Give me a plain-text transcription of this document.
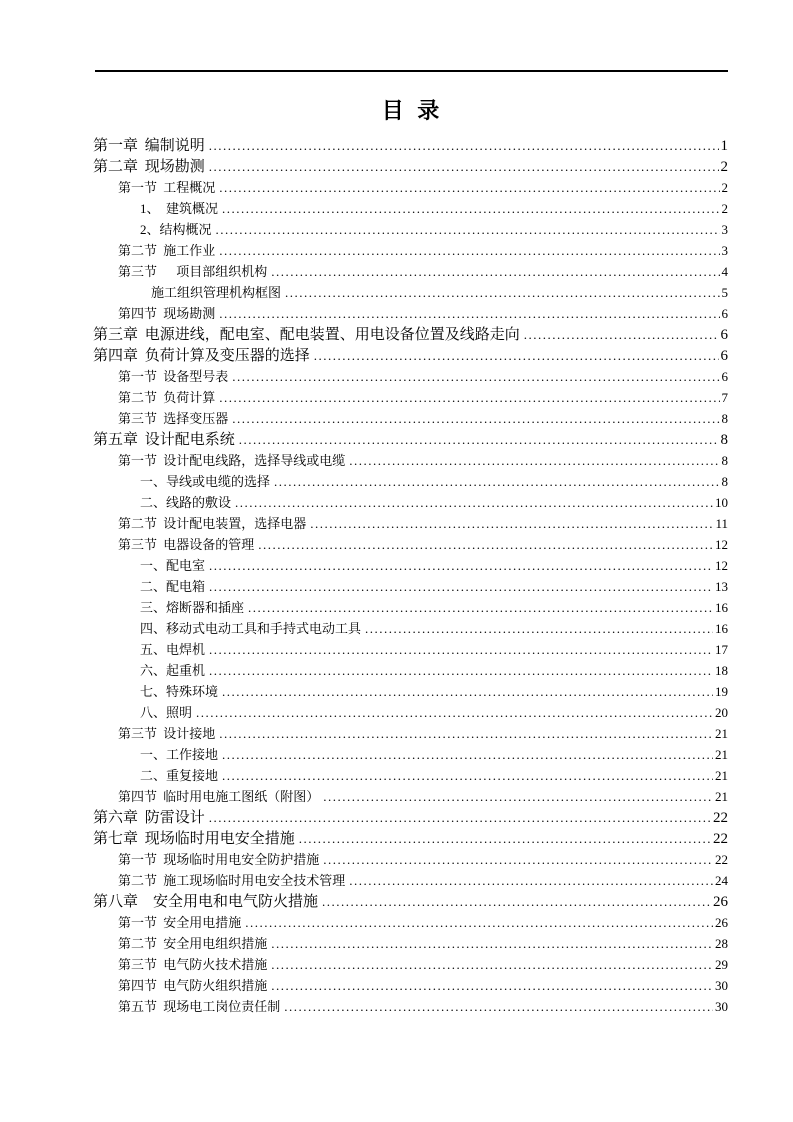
目 录
第一章 编制说明 .....	1
第二章 现场勘测 .....	2
第一节 工程概况 .....	2
1、　建筑概况 .....	2
2、结构概况 .....	3
第二节 施工作业 .....	3
第三节　 项目部组织机构 .....	4
施工组织管理机构框图 .....	5
第四节 现场勘测 .....	6
第三章 电源进线，配电室、配电装置、用电设备位置及线路走向 .....	6
第四章 负荷计算及变压器的选择 .....	6
第一节 设备型号表 .....	6
第二节 负荷计算 .....	7
第三节 选择变压器 .....	8
第五章 设计配电系统 .....	8
第一节 设计配电线路，选择导线或电缆 .....	8
一、导线或电缆的选择 .....	8
二、线路的敷设 .....	10
第二节 设计配电装置，选择电器 .....	11
第三节 电器设备的管理 .....	12
一、配电室 .....	12
二、配电箱 .....	13
三、熔断器和插座 .....	16
四、移动式电动工具和手持式电动工具 .....	16
五、电焊机 .....	17
六、起重机 .....	18
七、特殊环境 .....	19
八、照明 .....	20
第三节 设计接地 .....	21
一、工作接地 .....	21
二、重复接地 .....	21
第四节 临时用电施工图纸（附图） .....	21
第六章 防雷设计 .....	22
第七章 现场临时用电安全措施 .....	22
第一节 现场临时用电安全防护措施 .....	22
第二节 施工现场临时用电安全技术管理 .....	24
第八章　安全用电和电气防火措施 .....	26
第一节 安全用电措施 .....	26
第二节 安全用电组织措施 .....	28
第三节 电气防火技术措施 .....	29
第四节 电气防火组织措施 .....	30
第五节 现场电工岗位责任制 .....	30
